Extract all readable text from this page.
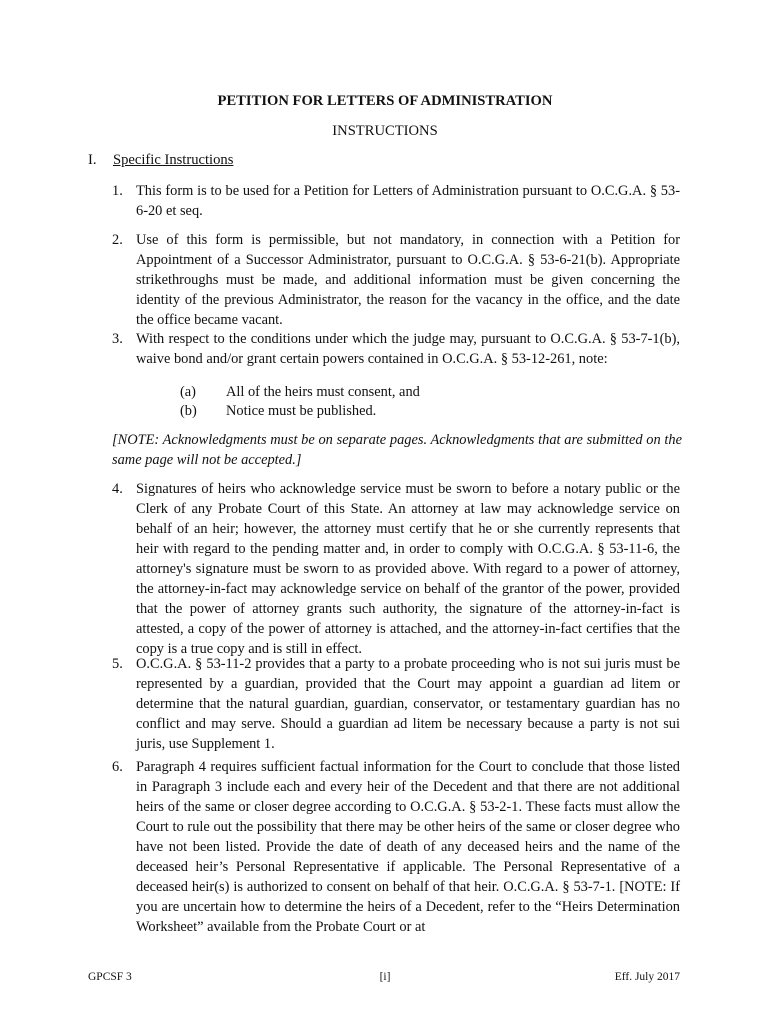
PETITION FOR LETTERS OF ADMINISTRATION

INSTRUCTIONS

I. Specific Instructions

1. This form is to be used for a Petition for Letters of Administration pursuant to O.C.G.A. § 53-6-20 et seq.
2. Use of this form is permissible, but not mandatory, in connection with a Petition for Appointment of a Successor Administrator, pursuant to O.C.G.A. § 53-6-21(b). Appropriate strikethroughs must be made, and additional information must be given concerning the identity of the previous Administrator, the reason for the vacancy in the office, and the date the office became vacant.
3. With respect to the conditions under which the judge may, pursuant to O.C.G.A. § 53-7-1(b), waive bond and/or grant certain powers contained in O.C.G.A. § 53-12-261, note:

(a) All of the heirs must consent, and

(b) Notice must be published.

[NOTE: Acknowledgments must be on separate pages. Acknowledgments that are submitted on the same page will not be accepted.]

4. Signatures of heirs who acknowledge service must be sworn to before a notary public or the Clerk of any Probate Court of this State. An attorney at law may acknowledge service on behalf of an heir; however, the attorney must certify that he or she currently represents that heir with regard to the pending matter and, in order to comply with O.C.G.A. § 53-11-6, the attorney's signature must be sworn to as provided above. With regard to a power of attorney, the attorney-in-fact may acknowledge service on behalf of the grantor of the power, provided that the power of attorney grants such authority, the signature of the attorney-in-fact is attested, a copy of the power of attorney is attached, and the attorney-in-fact certifies that the copy is a true copy and is still in effect.
5. O.C.G.A. § 53-11-2 provides that a party to a probate proceeding who is not sui juris must be represented by a guardian, provided that the Court may appoint a guardian ad litem or determine that the natural guardian, guardian, conservator, or testamentary guardian has no conflict and may serve. Should a guardian ad litem be necessary because a party is not sui juris, use Supplement 1.
6. Paragraph 4 requires sufficient factual information for the Court to conclude that those listed in Paragraph 3 include each and every heir of the Decedent and that there are not additional heirs of the same or closer degree according to O.C.G.A. § 53-2-1. These facts must allow the Court to rule out the possibility that there may be other heirs of the same or closer degree who have not been listed. Provide the date of death of any deceased heirs and the name of the deceased heir’s Personal Representative if applicable. The Personal Representative of a deceased heir(s) is authorized to consent on behalf of that heir. O.C.G.A. § 53-7-1. [NOTE: If you are uncertain how to determine the heirs of a Decedent, refer to the “Heirs Determination Worksheet” available from the Probate Court or at

GPCSF 3	[i]	Eff. July 2017
